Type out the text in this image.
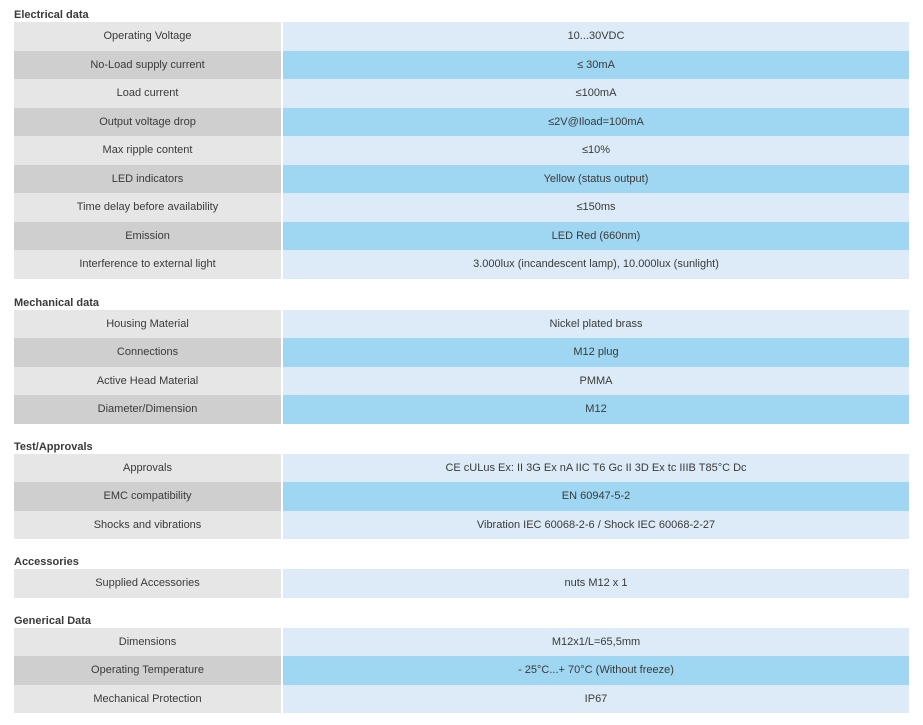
Electrical data
Operating Voltage	10...30VDC
No-Load supply current	≤ 30mA
Load current	≤100mA
Output voltage drop	≤2V@Iload=100mA
Max ripple content	≤10%
LED indicators	Yellow (status output)
Time delay before availability	≤150ms
Emission	LED Red (660nm)
Interference to external light	3.000lux (incandescent lamp), 10.000lux (sunlight)
Mechanical data
Housing Material	Nickel plated brass
Connections	M12 plug
Active Head Material	PMMA
Diameter/Dimension	M12
Test/Approvals
Approvals	CE cULus Ex: II 3G Ex nA IIC T6 Gc II 3D Ex tc IIIB T85°C Dc
EMC compatibility	EN 60947-5-2
Shocks and vibrations	Vibration IEC 60068-2-6 / Shock IEC 60068-2-27
Accessories
Supplied Accessories	nuts M12 x 1
Generical Data
Dimensions	M12x1/L=65,5mm
Operating Temperature	- 25°C...+ 70°C (Without freeze)
Mechanical Protection	IP67
